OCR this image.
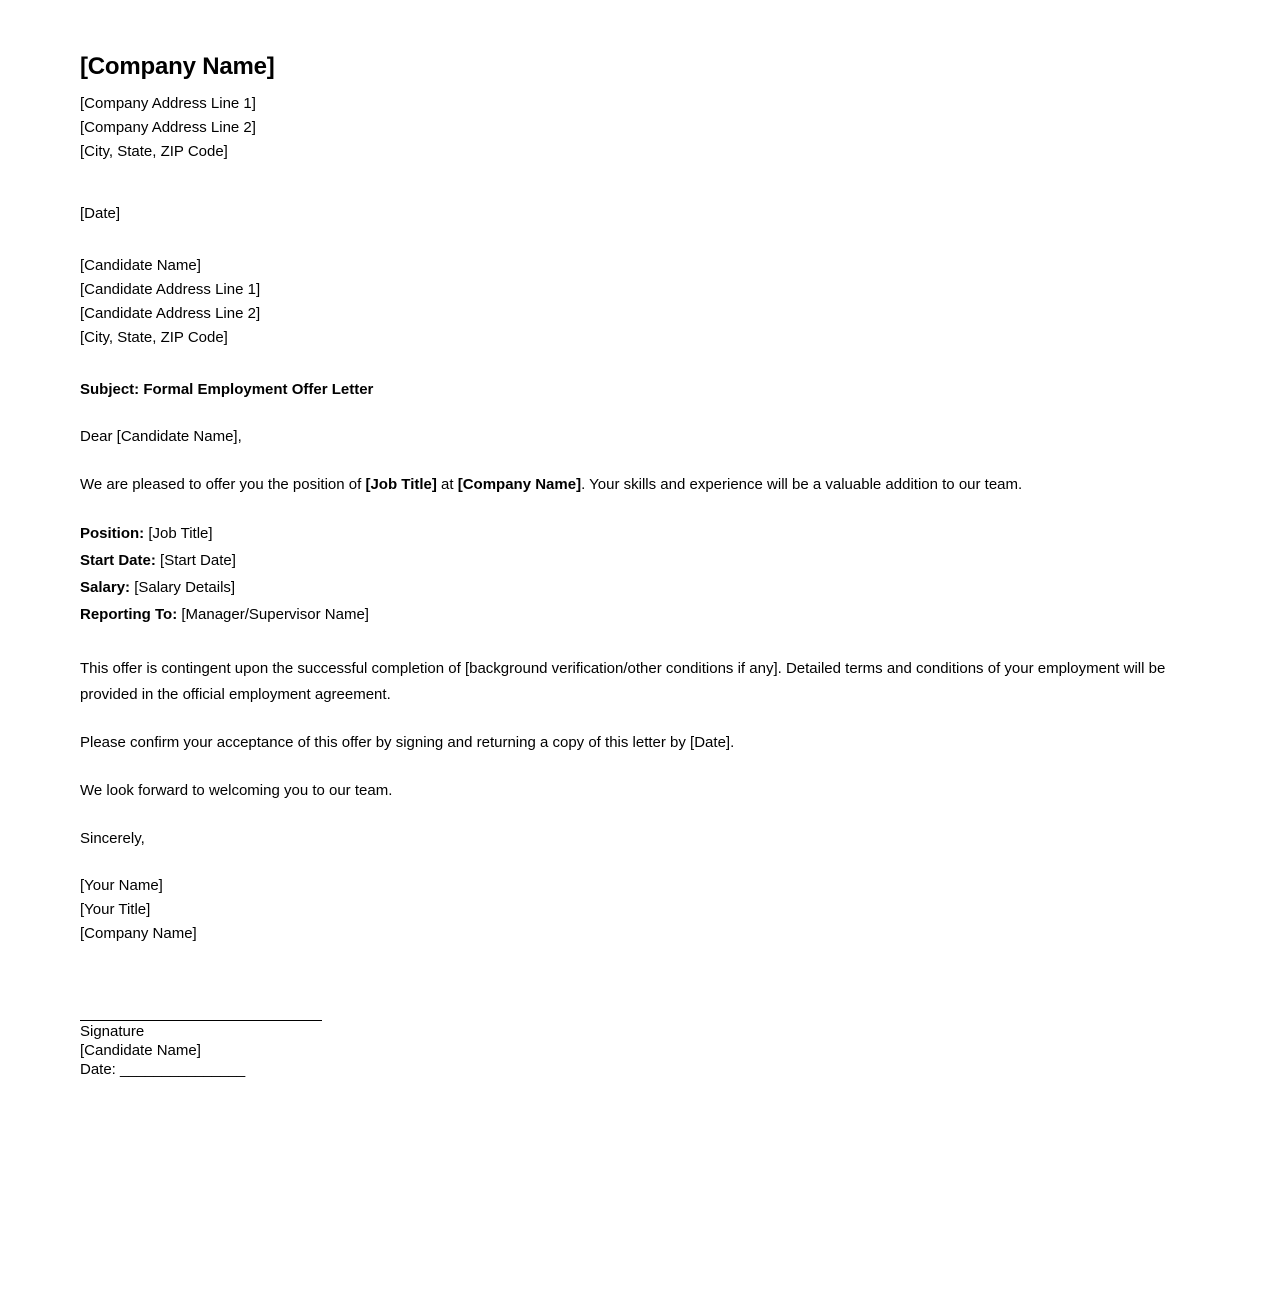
[Company Name]
[Company Address Line 1]
[Company Address Line 2]
[City, State, ZIP Code]
[Date]
[Candidate Name]
[Candidate Address Line 1]
[Candidate Address Line 2]
[City, State, ZIP Code]
Subject: Formal Employment Offer Letter

Dear [Candidate Name],

We are pleased to offer you the position of [Job Title] at [Company Name]. Your skills and experience will be a valuable addition to our team.

Position: [Job Title]
Start Date: [Start Date]
Salary: [Salary Details]
Reporting To: [Manager/Supervisor Name]

This offer is contingent upon the successful completion of [background verification/other conditions if any]. Detailed terms and conditions of your employment will be provided in the official employment agreement.

Please confirm your acceptance of this offer by signing and returning a copy of this letter by [Date].

We look forward to welcoming you to our team.

Sincerely,

[Your Name]
[Your Title]
[Company Name]
Signature
[Candidate Name]
Date: _______________
